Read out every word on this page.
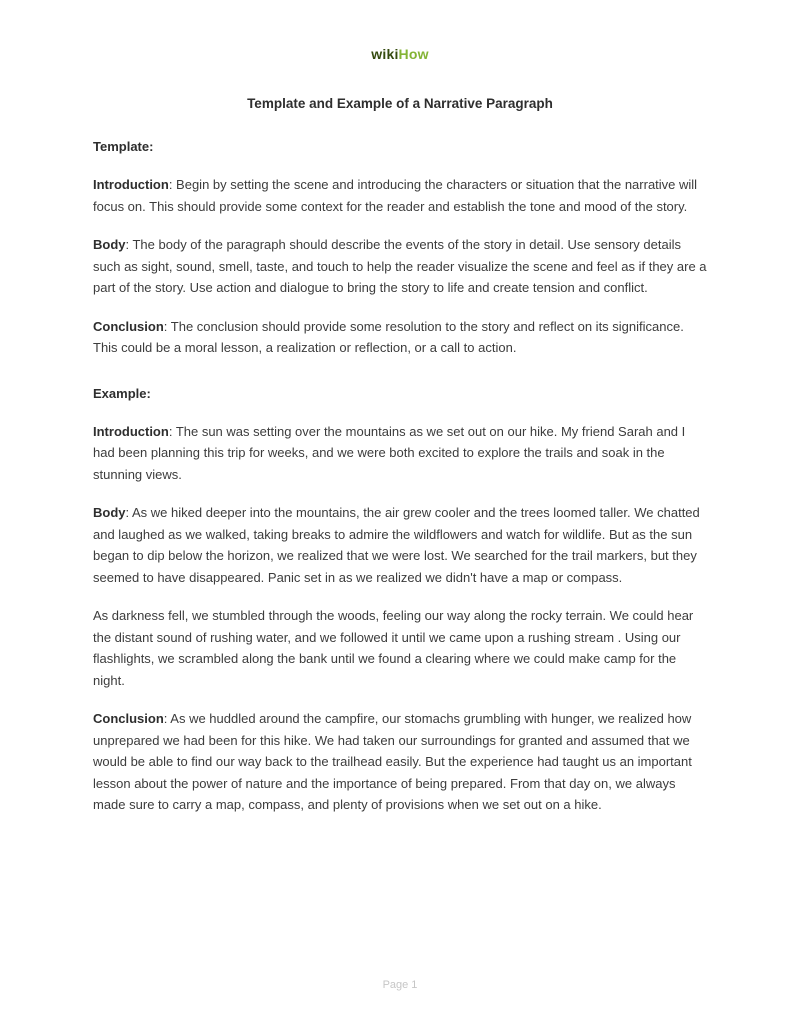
wikiHow
Template and Example of a Narrative Paragraph
Template:

Introduction: Begin by setting the scene and introducing the characters or situation that the narrative will focus on. This should provide some context for the reader and establish the tone and mood of the story.

Body: The body of the paragraph should describe the events of the story in detail. Use sensory details such as sight, sound, smell, taste, and touch to help the reader visualize the scene and feel as if they are a part of the story. Use action and dialogue to bring the story to life and create tension and conflict.

Conclusion: The conclusion should provide some resolution to the story and reflect on its significance. This could be a moral lesson, a realization or reflection, or a call to action.

Example:

Introduction: The sun was setting over the mountains as we set out on our hike. My friend Sarah and I had been planning this trip for weeks, and we were both excited to explore the trails and soak in the stunning views.

Body: As we hiked deeper into the mountains, the air grew cooler and the trees loomed taller. We chatted and laughed as we walked, taking breaks to admire the wildflowers and watch for wildlife. But as the sun began to dip below the horizon, we realized that we were lost. We searched for the trail markers, but they seemed to have disappeared. Panic set in as we realized we didn't have a map or compass.

As darkness fell, we stumbled through the woods, feeling our way along the rocky terrain. We could hear the distant sound of rushing water, and we followed it until we came upon a rushing stream . Using our flashlights, we scrambled along the bank until we found a clearing where we could make camp for the night.

Conclusion: As we huddled around the campfire, our stomachs grumbling with hunger, we realized how unprepared we had been for this hike. We had taken our surroundings for granted and assumed that we would be able to find our way back to the trailhead easily. But the experience had taught us an important lesson about the power of nature and the importance of being prepared. From that day on, we always made sure to carry a map, compass, and plenty of provisions when we set out on a hike.

Page 1
